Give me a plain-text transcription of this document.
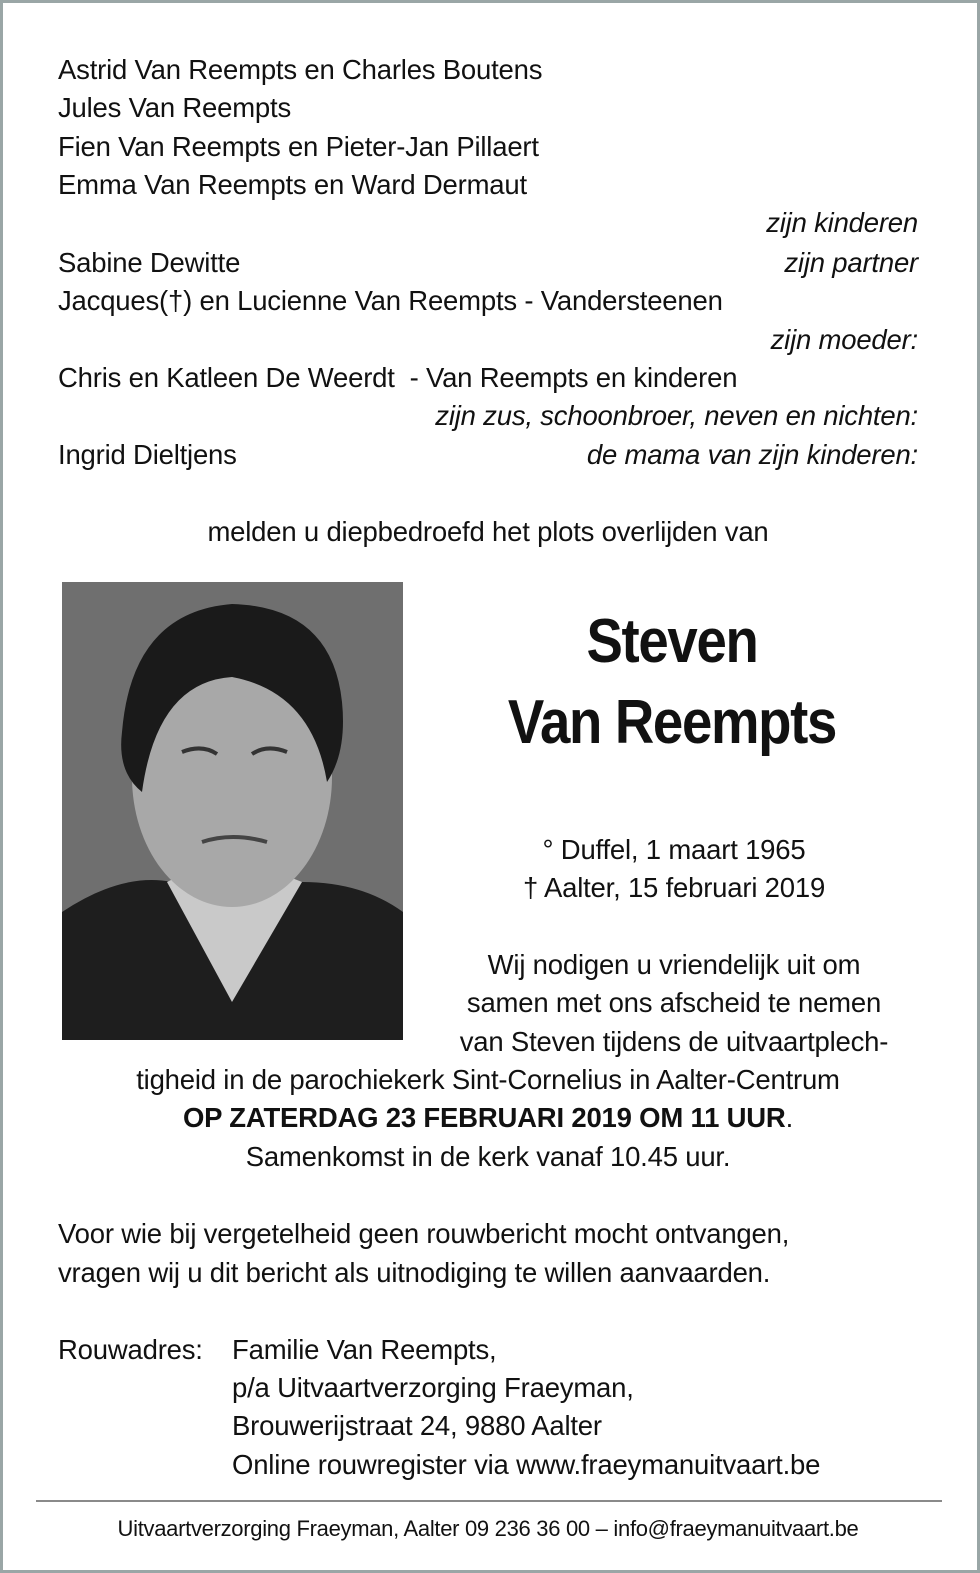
Astrid Van Reempts en Charles Boutens
Jules Van Reempts
Fien Van Reempts en Pieter-Jan Pillaert
Emma Van Reempts en Ward Dermaut
zijn kinderen
Sabine Dewitte	zijn partner
Jacques(†) en Lucienne Van Reempts - Vandersteenen
zijn moeder:
Chris en Katleen De Weerdt  - Van Reempts en kinderen
zijn zus, schoonbroer, neven en nichten:
Ingrid Dieltjens	de mama van zijn kinderen:
melden u diepbedroefd het plots overlijden van
Steven
Van Reempts
° Duffel, 1 maart 1965
† Aalter, 15 februari 2019
Wij nodigen u vriendelijk uit om
samen met ons afscheid te nemen
van Steven tijdens de uitvaartplech-
tigheid in de parochiekerk Sint-Cornelius in Aalter-Centrum
OP ZATERDAG 23 FEBRUARI 2019 OM 11 UUR.
Samenkomst in de kerk vanaf 10.45 uur.
Voor wie bij vergetelheid geen rouwbericht mocht ontvangen,
vragen wij u dit bericht als uitnodiging te willen aanvaarden.
Rouwadres: Familie Van Reempts,
p/a Uitvaartverzorging Fraeyman,
Brouwerijstraat 24, 9880 Aalter
Online rouwregister via www.fraeymanuitvaart.be
Uitvaartverzorging Fraeyman, Aalter 09 236 36 00 – info@fraeymanuitvaart.be
